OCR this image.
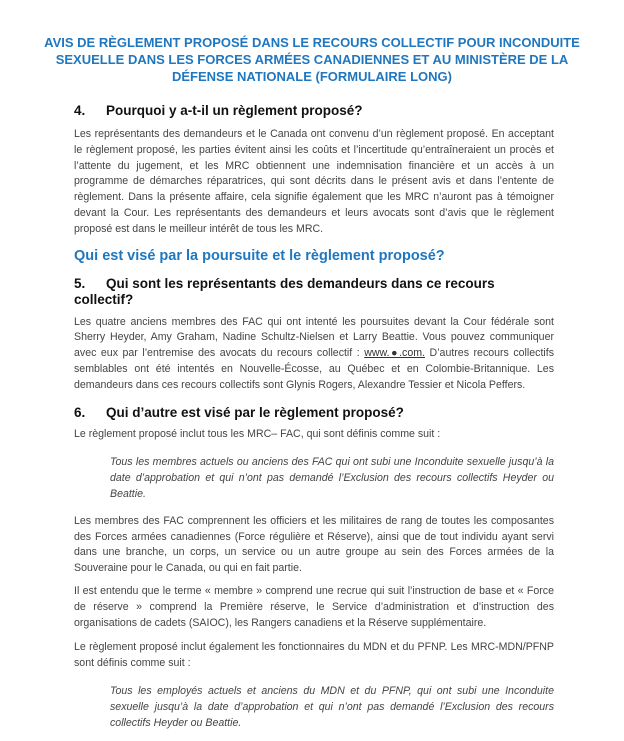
AVIS DE RÈGLEMENT PROPOSÉ DANS LE RECOURS COLLECTIF POUR INCONDUITE SEXUELLE DANS LES FORCES ARMÉES CANADIENNES ET AU MINISTÈRE DE LA DÉFENSE NATIONALE (FORMULAIRE LONG)
4. Pourquoi y a-t-il un règlement proposé?

Les représentants des demandeurs et le Canada ont convenu d’un règlement proposé. En acceptant le règlement proposé, les parties évitent ainsi les coûts et l’incertitude qu’entraîneraient un procès et l’attente du jugement, et les MRC obtiennent une indemnisation financière et un accès à un programme de démarches réparatrices, qui sont décrits dans le présent avis et dans l’entente de règlement. Dans la présente affaire, cela signifie également que les MRC n’auront pas à témoigner devant la Cour. Les représentants des demandeurs et leurs avocats sont d’avis que le règlement proposé est dans le meilleur intérêt de tous les MRC.

Qui est visé par la poursuite et le règlement proposé?
5. Qui sont les représentants des demandeurs dans ce recours collectif?

Les quatre anciens membres des FAC qui ont intenté les poursuites devant la Cour fédérale sont Sherry Heyder, Amy Graham, Nadine Schultz-Nielsen et Larry Beattie. Vous pouvez communiquer avec eux par l’entremise des avocats du recours collectif : www.●.com. D’autres recours collectifs semblables ont été intentés en Nouvelle-Écosse, au Québec et en Colombie-Britannique. Les demandeurs dans ces recours collectifs sont Glynis Rogers, Alexandre Tessier et Nicola Peffers.

6. Qui d’autre est visé par le règlement proposé?

Le règlement proposé inclut tous les MRC– FAC, qui sont définis comme suit :

Tous les membres actuels ou anciens des FAC qui ont subi une Inconduite sexuelle jusqu’à la date d’approbation et qui n’ont pas demandé l’Exclusion des recours collectifs Heyder ou Beattie.

Les membres des FAC comprennent les officiers et les militaires de rang de toutes les composantes des Forces armées canadiennes (Force régulière et Réserve), ainsi que de tout individu ayant servi dans une branche, un corps, un service ou un autre groupe au sein des Forces armées de la Souveraine pour le Canada, ou qui en fait partie.

Il est entendu que le terme « membre » comprend une recrue qui suit l’instruction de base et « Force de réserve » comprend la Première réserve, le Service d’administration et d’instruction des organisations de cadets (SAIOC), les Rangers canadiens et la Réserve supplémentaire.

Le règlement proposé inclut également les fonctionnaires du MDN et du PFNP. Les MRC-MDN/PFNP sont définis comme suit :

Tous les employés actuels et anciens du MDN et du PFNP, qui ont subi une Inconduite sexuelle jusqu’à la date d’approbation et qui n’ont pas demandé l’Exclusion des recours collectifs Heyder ou Beattie.
